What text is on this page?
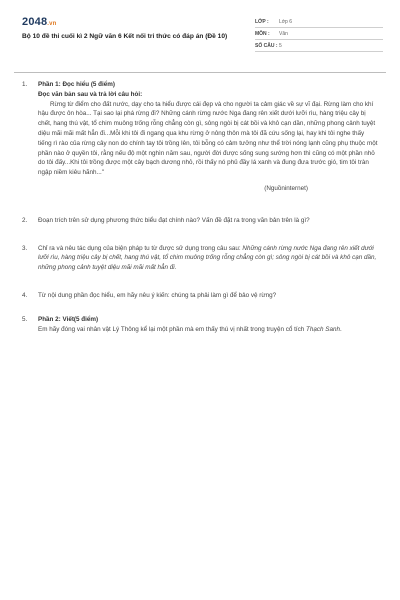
2048.vn
Bộ 10 đề thi cuối kì 2 Ngữ văn 6 Kết nối tri thức có đáp án (Đề 10)
LỚP :	Lớp 6
MÔN :	Văn
SỐ CÂU : 5
1. Phần 1: Đọc hiểu (5 điểm)
Đọc văn bản sau và trả lời câu hỏi:
Rừng từ điểm cho đất nước, dạy cho ta hiểu được cái đẹp và cho người ta cảm giác về sự vĩ đại. Rừng làm cho khí hậu được ôn hòa... Tại sao lại phá rừng đi? Những cánh rừng nước Nga đang rên xiết dưới lưỡi rìu, hàng triệu cây bị chết, hang thú vật, tổ chim muông trống rỗng chẳng còn gì, sông ngòi bị cát bồi và khô cạn dần, những phong cảnh tuyệt diệu mãi mãi mất hẳn đi...Mỗi khi tôi đi ngang qua khu rừng ở nông thôn mà tôi đã cứu sống lại, hay khi tôi nghe thấy tiếng rì rào của rừng cây non do chính tay tôi trồng lên, tôi bỗng có cảm tưởng như thể trời nóng lạnh cũng phụ thuộc một phần nào ở quyền tôi, rằng nếu độ một nghìn năm sau, người đời được sống sung sướng hơn thì cũng có một phần nhỏ do tôi đấy...Khi tôi trồng được một cây bạch dương nhỏ, rồi thấy nó phủ đầy lá xanh và đung đưa trước gió, tim tôi tràn ngập niềm kiêu hãnh..."
(Nguồninternet)
2. Đoạn trích trên sử dụng phương thức biểu đạt chính nào? Vấn đề đặt ra trong văn bản trên là gì?
3. Chỉ ra và nêu tác dụng của biện pháp tu từ được sử dụng trong câu sau: Những cánh rừng nước Nga đang rên xiết dưới lưỡi rìu, hàng triệu cây bị chết, hang thú vật, tổ chim muông trống rỗng chẳng còn gì; sông ngòi bị cát bồi và khô cạn dần, những phong cảnh tuyệt diệu mãi mãi mất hẳn đi.
4. Từ nội dung phần đọc hiểu, em hãy nêu ý kiến: chúng ta phải làm gì để bảo vệ rừng?
5. Phần 2: Viết(5 điểm)
Em hãy đóng vai nhân vật Lý Thông kể lại một phần mà em thấy thú vị nhất trong truyện cổ tích Thạch Sanh.
